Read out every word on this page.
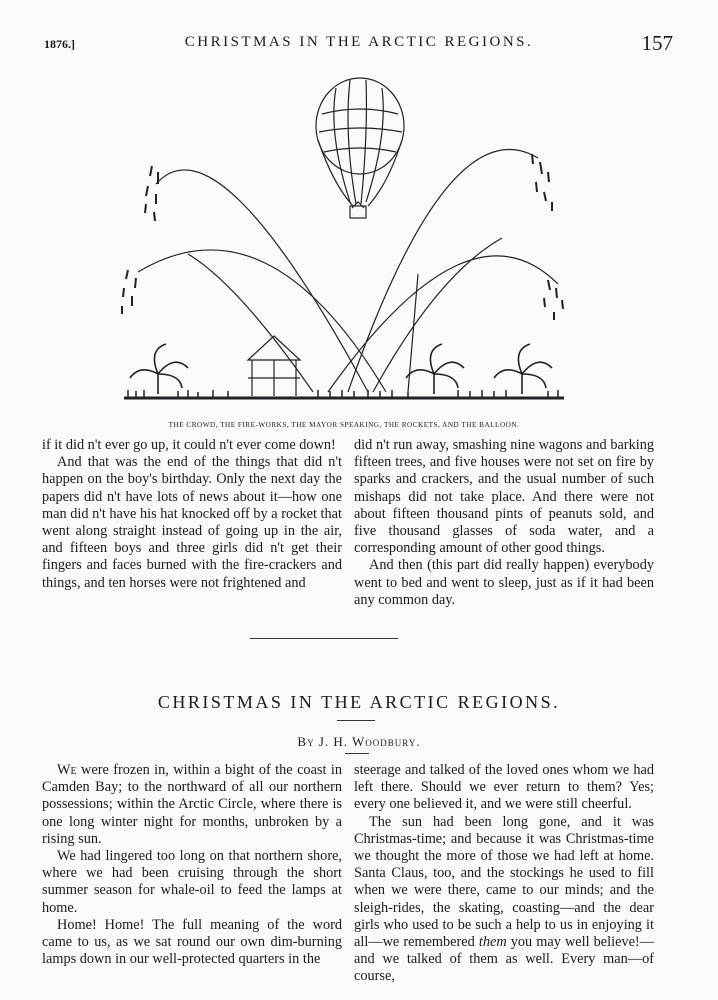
1876.]	CHRISTMAS IN THE ARCTIC REGIONS.	157
THE CROWD, THE FIRE-WORKS, THE MAYOR SPEAKING, THE ROCKETS, AND THE BALLOON.

if it did n't ever go up, it could n't ever come down!

And that was the end of the things that did n't happen on the boy's birthday. Only the next day the papers did n't have lots of news about it—how one man did n't have his hat knocked off by a rocket that went along straight instead of going up in the air, and fifteen boys and three girls did n't get their fingers and faces burned with the fire-crackers and things, and ten horses were not frightened and

did n't run away, smashing nine wagons and barking fifteen trees, and five houses were not set on fire by sparks and crackers, and the usual number of such mishaps did not take place. And there were not about fifteen thousand pints of peanuts sold, and five thousand glasses of soda water, and a corresponding amount of other good things.

And then (this part did really happen) everybody went to bed and went to sleep, just as if it had been any common day.

CHRISTMAS IN THE ARCTIC REGIONS.
By J. H. Woodbury.

We were frozen in, within a bight of the coast in Camden Bay; to the northward of all our northern possessions; within the Arctic Circle, where there is one long winter night for months, unbroken by a rising sun.

We had lingered too long on that northern shore, where we had been cruising through the short summer season for whale-oil to feed the lamps at home.

Home! Home! The full meaning of the word came to us, as we sat round our own dim-burning lamps down in our well-protected quarters in the

steerage and talked of the loved ones whom we had left there. Should we ever return to them? Yes; every one believed it, and we were still cheerful.

The sun had been long gone, and it was Christmas-time; and because it was Christmas-time we thought the more of those we had left at home. Santa Claus, too, and the stockings he used to fill when we were there, came to our minds; and the sleigh-rides, the skating, coasting—and the dear girls who used to be such a help to us in enjoying it all—we remembered them you may well believe!—and we talked of them as well. Every man—of course,
